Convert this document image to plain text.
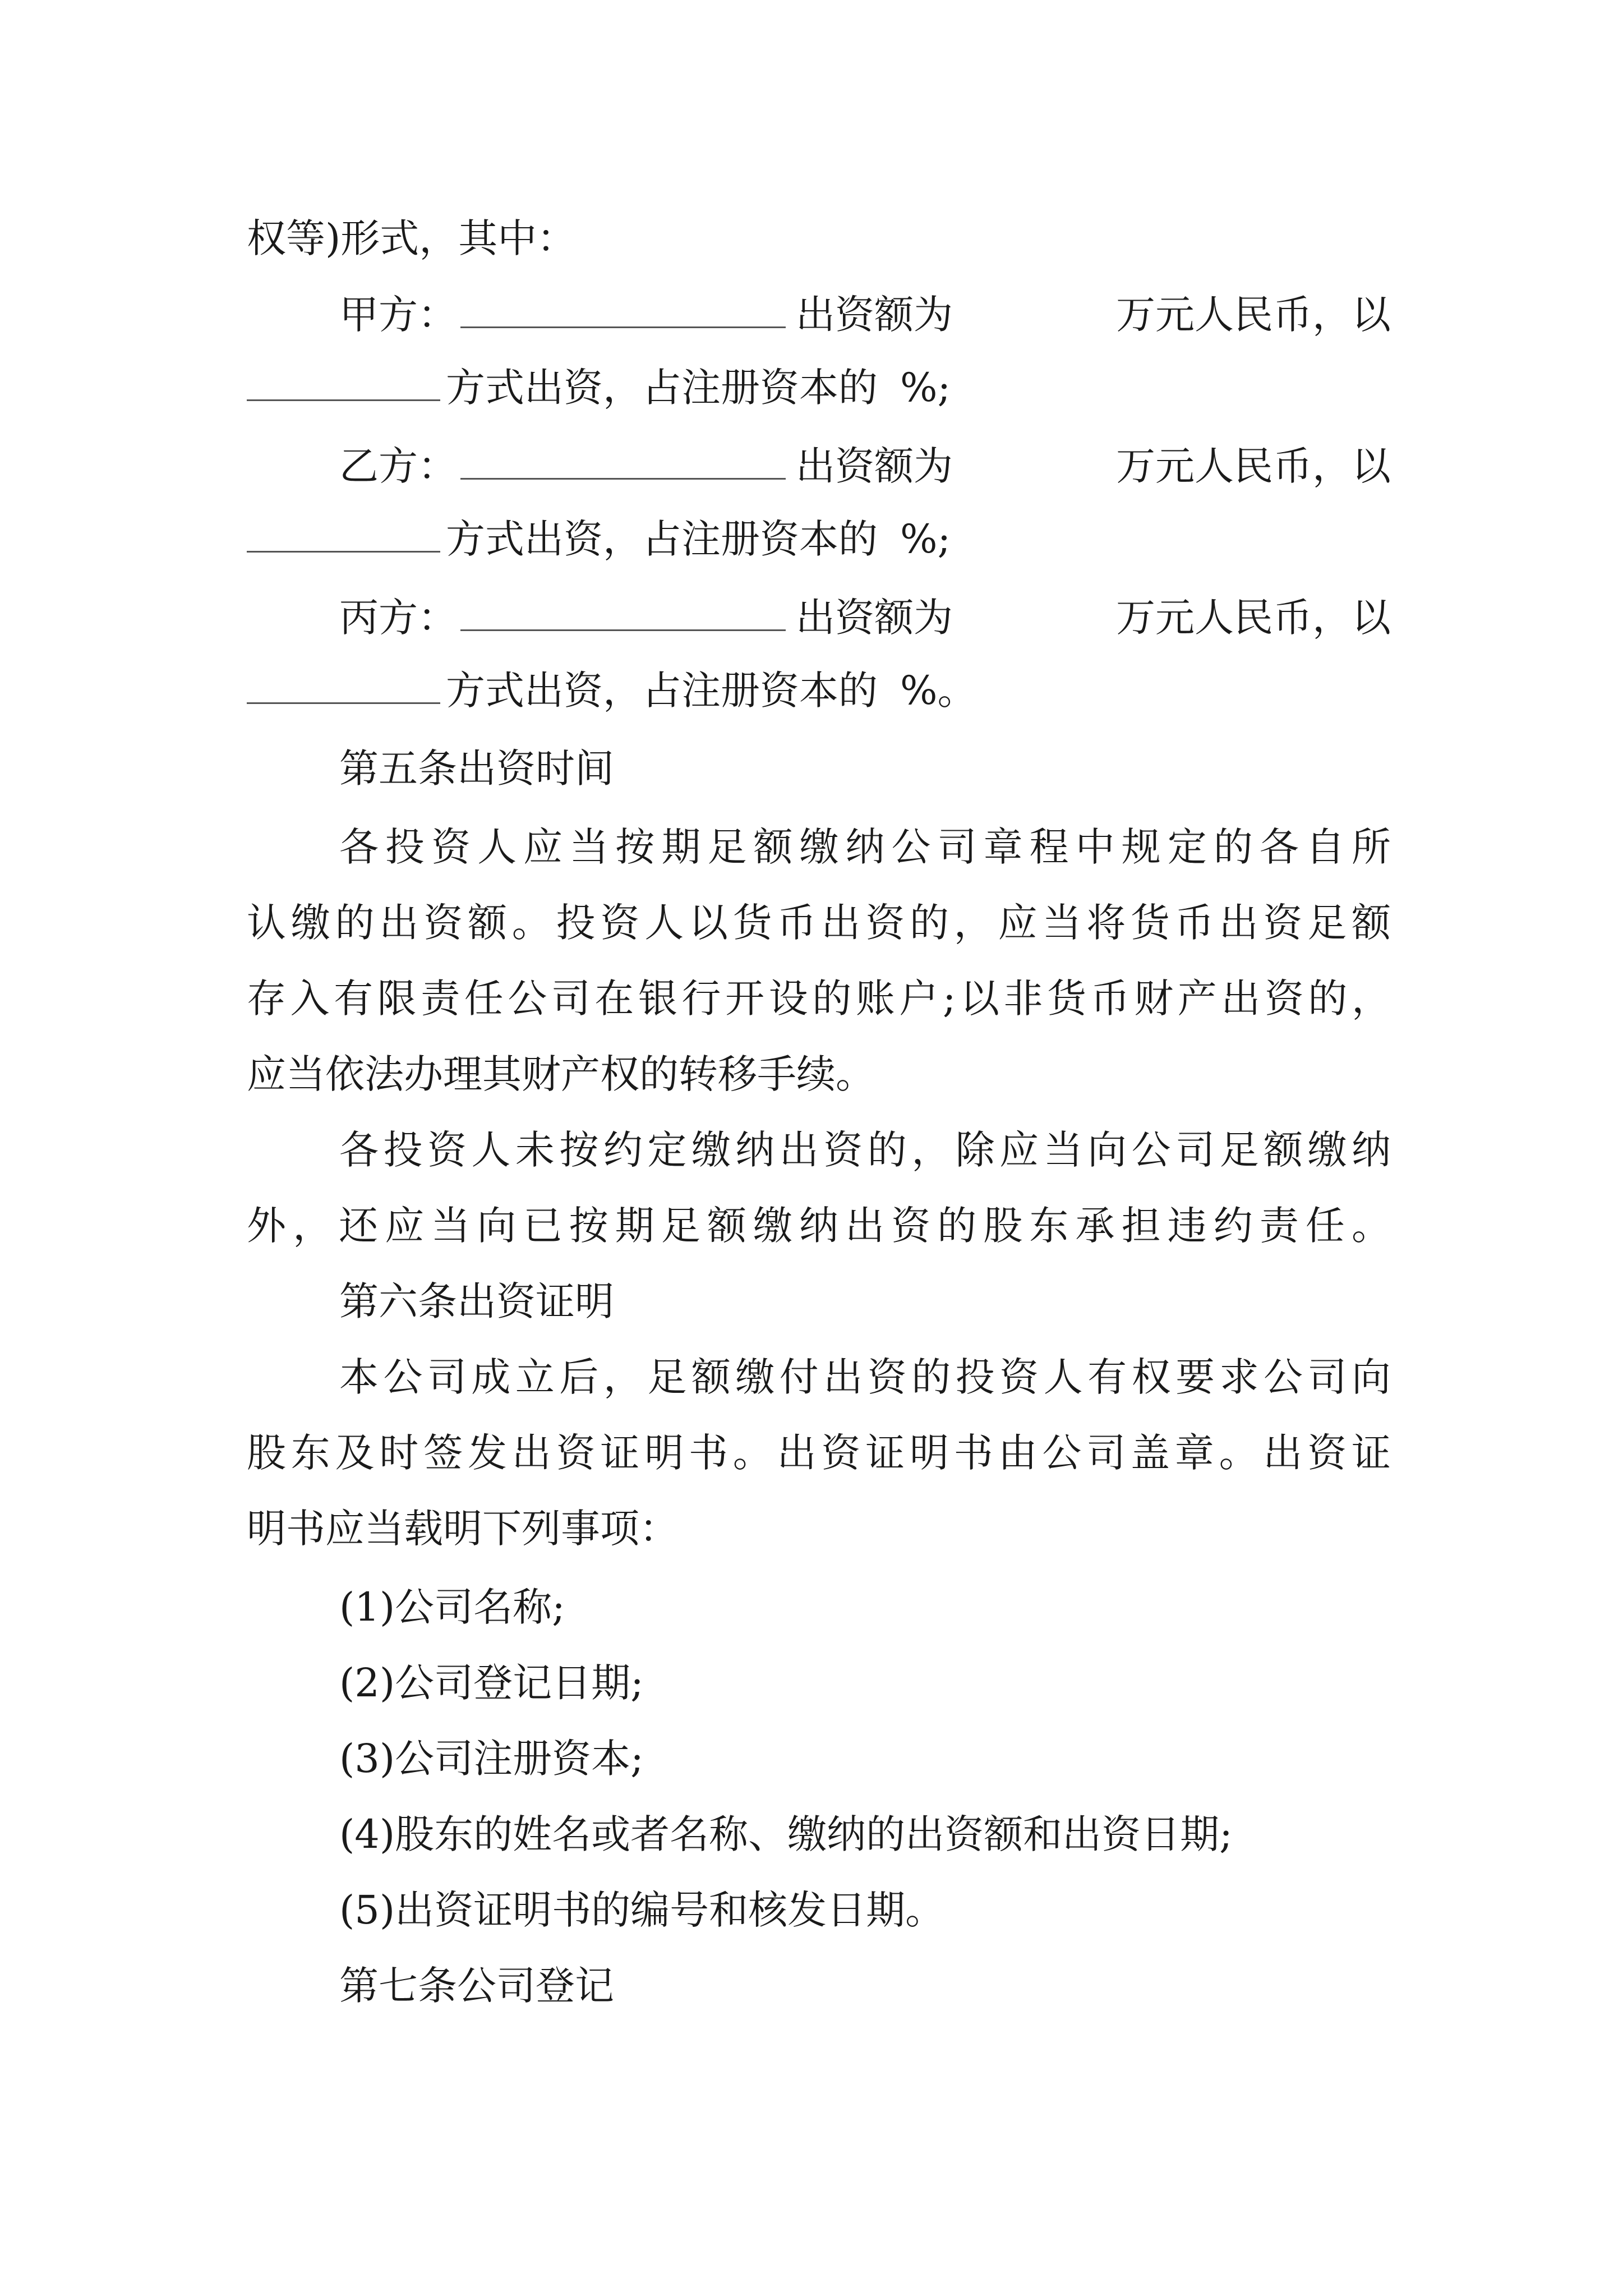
权等)形式，其中：
甲方：	出资额为	万元人民币，以
方式出资，占注册资本的 %;
乙方：	出资额为	万元人民币，以
方式出资，占注册资本的 %;
丙方：	出资额为	万元人民币，以
方式出资，占注册资本的 %。
第五条出资时间
各投资人应当按期足额缴纳公司章程中规定的各自所
认缴的出资额。投资人以货币出资的，应当将货币出资足额
存入有限责任公司在银行开设的账户;以非货币财产出资的，
应当依法办理其财产权的转移手续。
各投资人未按约定缴纳出资的，除应当向公司足额缴纳
外，还应当向已按期足额缴纳出资的股东承担违约责任。
第六条出资证明
本公司成立后，足额缴付出资的投资人有权要求公司向
股东及时签发出资证明书。出资证明书由公司盖章。出资证
明书应当载明下列事项：
(1)公司名称;
(2)公司登记日期;
(3)公司注册资本;
(4)股东的姓名或者名称、缴纳的出资额和出资日期;
(5)出资证明书的编号和核发日期。
第七条公司登记
